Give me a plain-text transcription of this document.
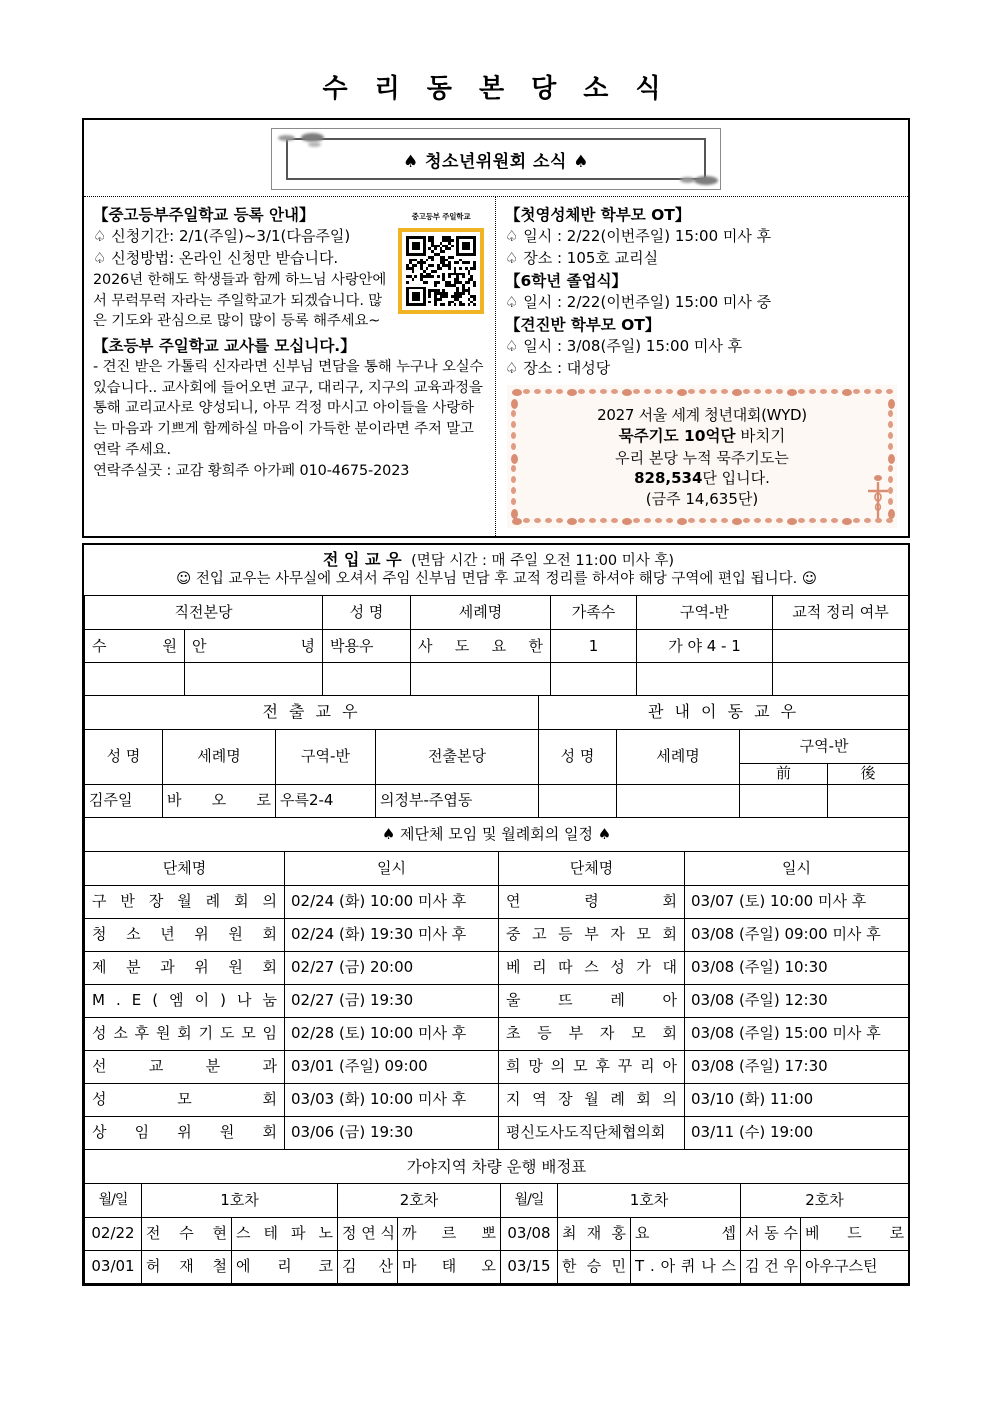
수 리 동 본 당 소 식
♠ 청소년위원회 소식 ♠
중고등부 주일학교
【중고등부주일학교 등록 안내】
♤ 신청기간: 2/1(주일)~3/1(다음주일)
♤ 신청방법: 온라인 신청만 받습니다.
2026년 한해도 학생들과 함께 하느님 사랑안에서 무럭무럭 자라는 주일학교가 되겠습니다. 많은 기도와 관심으로 많이 많이 등록 해주세요~
【초등부 주일학교 교사를 모십니다.】
- 견진 받은 가톨릭 신자라면 신부님 면담을 통해 누구나 오실수 있습니다.. 교사회에 들어오면 교구, 대리구, 지구의 교육과정을 통해 교리교사로 양성되니, 아무 걱정 마시고 아이들을 사랑하는 마음과 기쁘게 함께하실 마음이 가득한 분이라면 주저 말고 연락 주세요.
연락주실곳 : 교감 황희주 아가페 010-4675-2023
【첫영성체반 학부모 OT】
♤ 일시 : 2/22(이번주일) 15:00 미사 후
♤ 장소 : 105호 교리실
【6학년 졸업식】
♤ 일시 : 2/22(이번주일) 15:00 미사 중
【견진반 학부모 OT】
♤ 일시 : 3/08(주일) 15:00 미사 후
♤ 장소 : 대성당
2027 서울 세계 청년대회(WYD)
묵주기도 10억단 바치기
우리 본당 누적 묵주기도는
828,534단 입니다.
(금주 14,635단)
전 입 교 우 (면담 시간 : 매 주일 오전 11:00 미사 후)
☺ 전입 교우는 사무실에 오셔서 주임 신부님 면담 후 교적 정리를 하셔야 해당 구역에 편입 됩니다. ☺						

직전본당		성 명	세례명	가족수	구역-반	교적 정리 여부
수 원	안 녕	박용우	사 도 요 한	1	가 야 4 - 1	

전 출 교 우				관 내 이 동 교 우			
성 명	세례명	구역-반	전출본당	성 명	세례명	구역-반	
						前	後
김주일	바 오 로	우륵2-4	의정부-주엽동				
♠ 제단체 모임 및 월례회의 일정 ♠			
단체명	일시	단체명	일시
구 반 장 월 례 회 의	02/24 (화) 10:00 미사 후	연 령 회	03/07 (토) 10:00 미사 후
청 소 년 위 원 회	02/24 (화) 19:30 미사 후	중 고 등 부 자 모 회	03/08 (주일) 09:00 미사 후
제 분 과 위 원 회	02/27 (금) 20:00	베 리 따 스 성 가 대	03/08 (주일) 10:30
M . E ( 엠 이 ) 나 눔	02/27 (금) 19:30	울 뜨 레 아	03/08 (주일) 12:30
성 소 후 원 회 기 도 모 임	02/28 (토) 10:00 미사 후	초 등 부 자 모 회	03/08 (주일) 15:00 미사 후
선 교 분 과	03/01 (주일) 09:00	희 망 의 모 후 꾸 리 아	03/08 (주일) 17:30
성 모 회	03/03 (화) 10:00 미사 후	지 역 장 월 례 회 의	03/10 (화) 11:00
상 임 위 원 회	03/06 (금) 19:30	평신도사도직단체협의회	03/11 (수) 19:00
가야지역 차량 운행 배정표									
월/일	1호차		2호차		월/일	1호차		2호차	
02/22	전 수 현	스 테 파 노	정 연 식	까 르 뽀	03/08	최 재 홍	요 셉	서 동 수	베 드 로
03/01	허 재 철	에 리 코	김 산	마 태 오	03/15	한 승 민	T . 아 퀴 나 스	김 건 우	아우구스틴
